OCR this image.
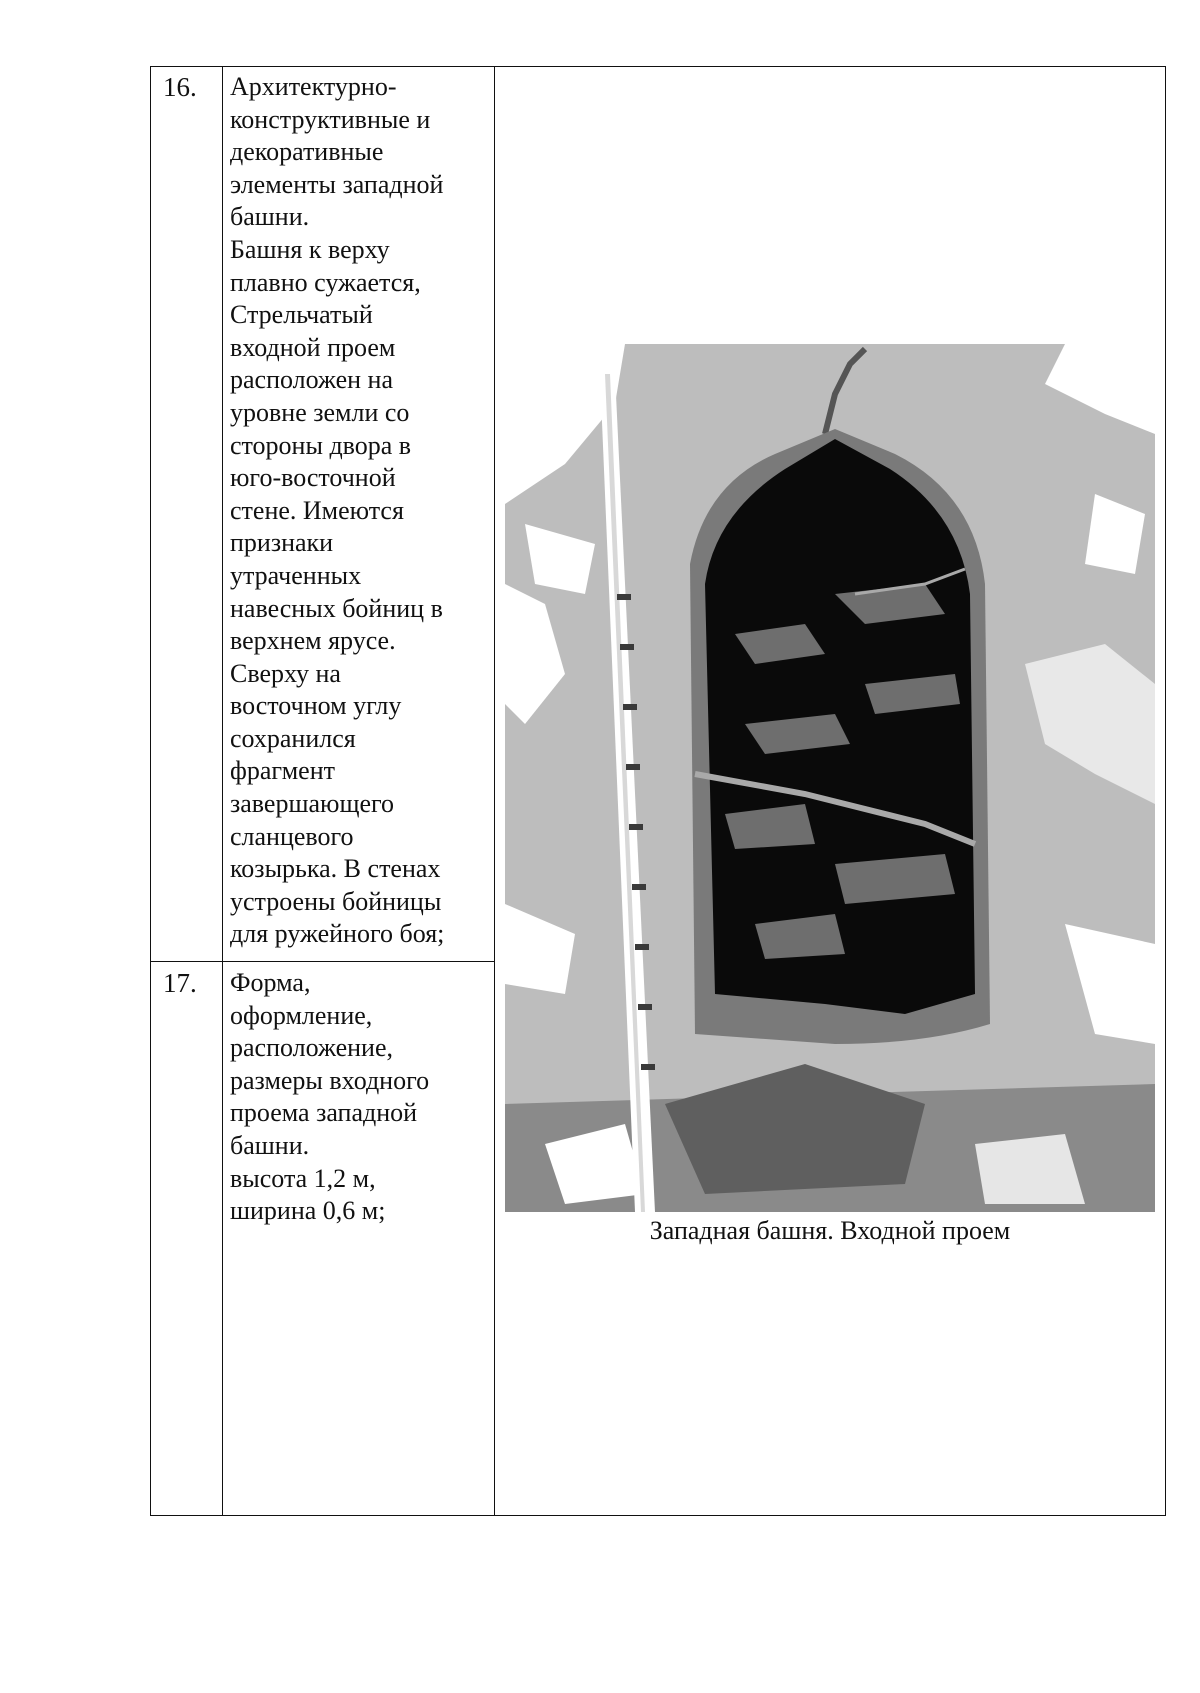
16. Архитектурно-
конструктивные и
декоративные
элементы западной
башни.
Башня к верху
плавно сужается,
Стрельчатый
входной проем
расположен на
уровне земли со
стороны двора в
юго-восточной
стене. Имеются
признаки
утраченных
навесных бойниц в
верхнем ярусе.
Сверху на
восточном углу
сохранился
фрагмент
завершающего
сланцевого
козырька. В стенах
устроены бойницы
для ружейного боя;
17. Форма,
оформление,
расположение,
размеры входного
проема западной
башни.
высота 1,2 м,
ширина 0,6 м;
Западная башня. Входной проем
